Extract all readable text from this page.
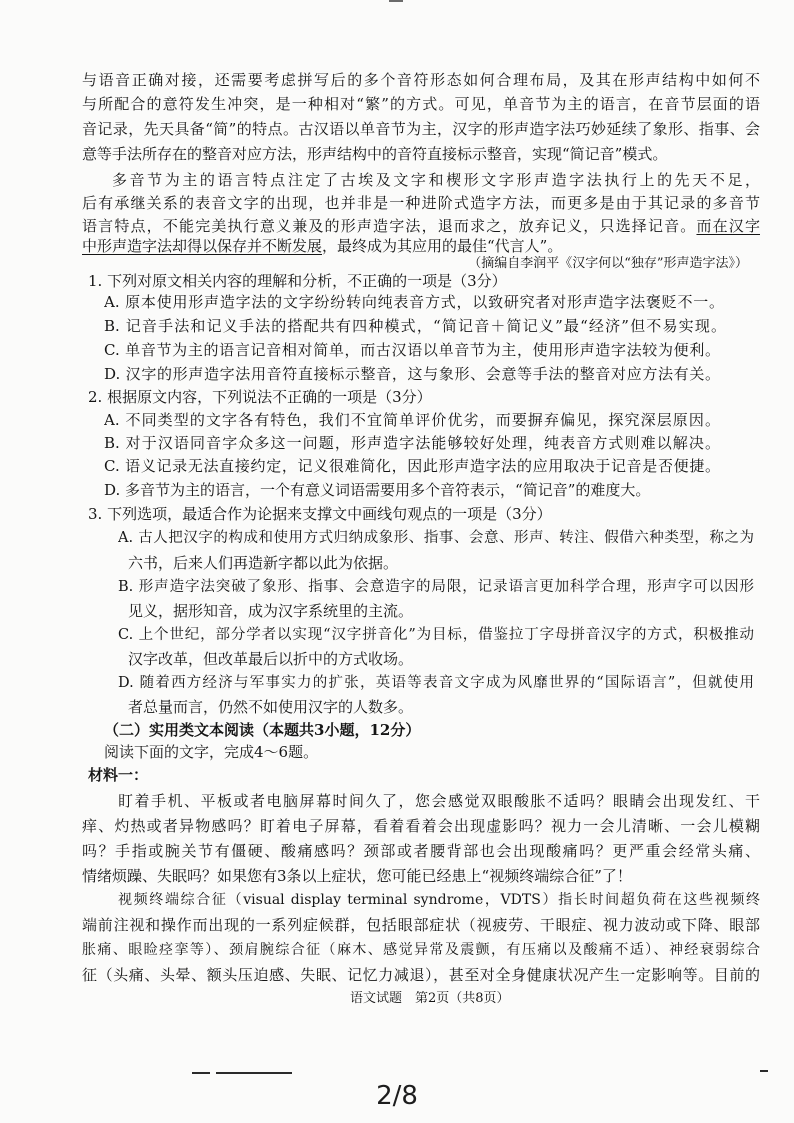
与语音正确对接，还需要考虑拼写后的多个音符形态如何合理布局，及其在形声结构中如何不
与所配合的意符发生冲突，是一种相对“繁”的方式。可见，单音节为主的语言，在音节层面的语
音记录，先天具备“简”的特点。古汉语以单音节为主，汉字的形声造字法巧妙延续了象形、指事、会
意等手法所存在的整音对应方法，形声结构中的音符直接标示整音，实现“简记音”模式。
多音节为主的语言特点注定了古埃及文字和楔形文字形声造字法执行上的先天不足，
后有承继关系的表音文字的出现，也并非是一种进阶式造字方法，而更多是由于其记录的多音节
语言特点，不能完美执行意义兼及的形声造字法，退而求之，放弃记义，只选择记音。而在汉字
中形声造字法却得以保存并不断发展，最终成为其应用的最佳“代言人”。
（摘编自李润平《汉字何以“独存”形声造字法》）
1. 下列对原文相关内容的理解和分析，不正确的一项是（3分）
A. 原本使用形声造字法的文字纷纷转向纯表音方式，以致研究者对形声造字法褒贬不一。
B. 记音手法和记义手法的搭配共有四种模式，“简记音＋简记义”最“经济”但不易实现。
C. 单音节为主的语言记音相对简单，而古汉语以单音节为主，使用形声造字法较为便利。
D. 汉字的形声造字法用音符直接标示整音，这与象形、会意等手法的整音对应方法有关。
2. 根据原文内容，下列说法不正确的一项是（3分）
A. 不同类型的文字各有特色，我们不宜简单评价优劣，而要摒弃偏见，探究深层原因。
B. 对于汉语同音字众多这一问题，形声造字法能够较好处理，纯表音方式则难以解决。
C. 语义记录无法直接约定，记义很难简化，因此形声造字法的应用取决于记音是否便捷。
D. 多音节为主的语言，一个有意义词语需要用多个音符表示，“简记音”的难度大。
3. 下列选项，最适合作为论据来支撑文中画线句观点的一项是（3分）
A. 古人把汉字的构成和使用方式归纳成象形、指事、会意、形声、转注、假借六种类型，称之为
六书，后来人们再造新字都以此为依据。
B. 形声造字法突破了象形、指事、会意造字的局限，记录语言更加科学合理，形声字可以因形
见义，据形知音，成为汉字系统里的主流。
C. 上个世纪，部分学者以实现“汉字拼音化”为目标，借鉴拉丁字母拼音汉字的方式，积极推动
汉字改革，但改革最后以折中的方式收场。
D. 随着西方经济与军事实力的扩张，英语等表音文字成为风靡世界的“国际语言”，但就使用
者总量而言，仍然不如使用汉字的人数多。
（二）实用类文本阅读（本题共3小题，12分）
阅读下面的文字，完成4～6题。
材料一：
盯着手机、平板或者电脑屏幕时间久了，您会感觉双眼酸胀不适吗？眼睛会出现发红、干
痒、灼热或者异物感吗？盯着电子屏幕，看着看着会出现虚影吗？视力一会儿清晰、一会儿模糊
吗？手指或腕关节有僵硬、酸痛感吗？颈部或者腰背部也会出现酸痛吗？更严重会经常头痛、
情绪烦躁、失眠吗？如果您有3条以上症状，您可能已经患上“视频终端综合征”了！
视频终端综合征（visual display terminal syndrome，VDTS）指长时间超负荷在这些视频终
端前注视和操作而出现的一系列症候群，包括眼部症状（视疲劳、干眼症、视力波动或下降、眼部
胀痛、眼睑痉挛等）、颈肩腕综合征（麻木、感觉异常及震颤，有压痛以及酸痛不适）、神经衰弱综合
征（头痛、头晕、额头压迫感、失眠、记忆力减退），甚至对全身健康状况产生一定影响等。目前的
语文试题　第2页（共8页）
2/8
